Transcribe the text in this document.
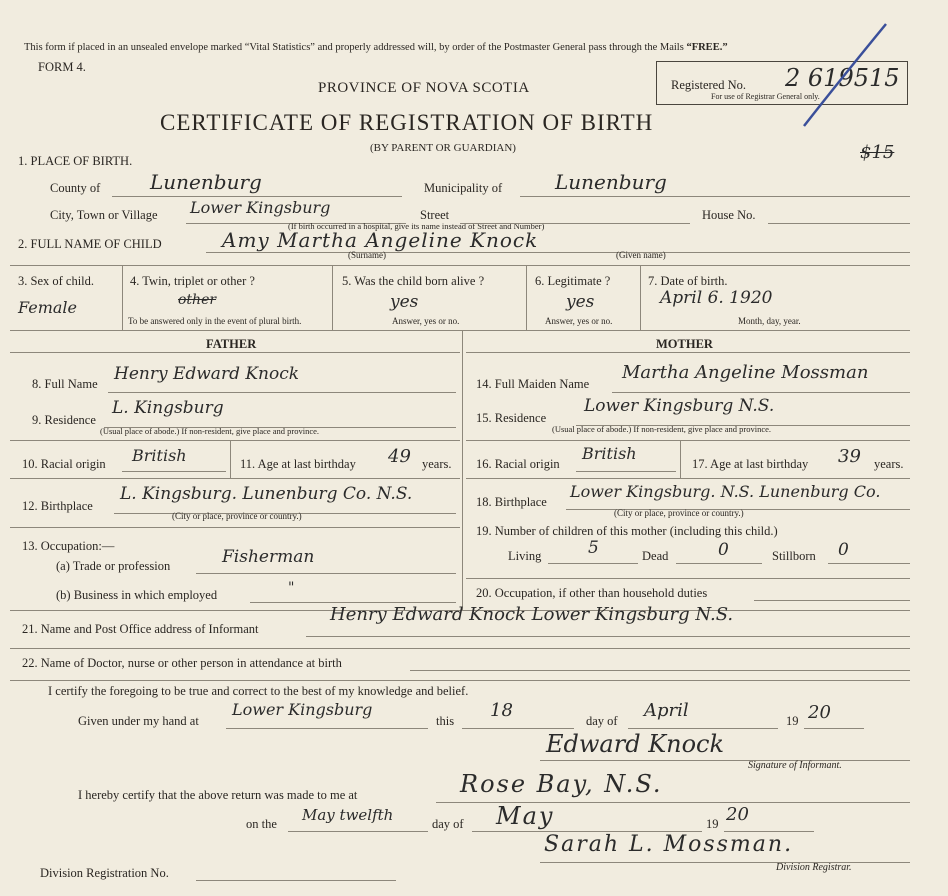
This form if placed in an unsealed envelope marked “Vital Statistics” and properly addressed will, by order of the Postmaster General pass through the Mails “FREE.”
FORM 4.
PROVINCE OF NOVA SCOTIA
CERTIFICATE OF REGISTRATION OF BIRTH
(BY PARENT OR GUARDIAN)
Registered No. 2 619515
For use of Registrar General only.
$15
1. PLACE OF BIRTH.
County of Lunenburg	Municipality of	Lunenburg
City, Town or Village Lower Kingsburg
(If birth occurred in a hospital, give its name instead of Street and Number)
Street	House No.
2. FULL NAME OF CHILD	Amy Martha Angeline Knock
(Surname)	(Given name)
3. Sex of child.
Female
4. Twin, triplet or other ?
other
To be answered only in the event of plural birth.
5. Was the child born alive ?
yes
Answer, yes or no.
6. Legitimate ?
yes
Answer, yes or no.
7. Date of birth.
April 6. 1920
Month, day, year.
FATHER	MOTHER
8. Full Name Henry Edward Knock
9. Residence
L. Kingsburg
(Usual place of abode.) If non-resident, give place and province.
10. Racial origin British	11. Age at last birthday 49 years.
12. Birthplace
L. Kingsburg. Lunenburg Co. N.S.
(City or place, province or country.)
13. Occupation:—
(a) Trade or profession	Fisherman
(b) Business in which employed	"
14. Full Maiden Name
Martha Angeline Mossman
15. Residence
Lower Kingsburg N.S.
(Usual place of abode.) If non-resident, give place and province.
16. Racial origin
British
17. Age at last birthday 39 years.
18. Birthplace
Lower Kingsburg. N.S. Lunenburg Co.
(City or place, province or country.)
19. Number of children of this mother (including this child.)
Living	5	Dead	0	Stillborn 0
20. Occupation, if other than household duties
21. Name and Post Office address of Informant
Henry Edward Knock Lower Kingsburg N.S.
22. Name of Doctor, nurse or other person in attendance at birth
I certify the foregoing to be true and correct to the best of my knowledge and belief.
Given under my hand at
Lower Kingsburg
this 18	day of April	19 20
Edward Knock
Signature of Informant.
I hereby certify that the above return was made to me at	Rose Bay, N.S.
on the May twelfth	day of May	19 20
Sarah L. Mossman.
Division Registrar.
Division Registration No.
